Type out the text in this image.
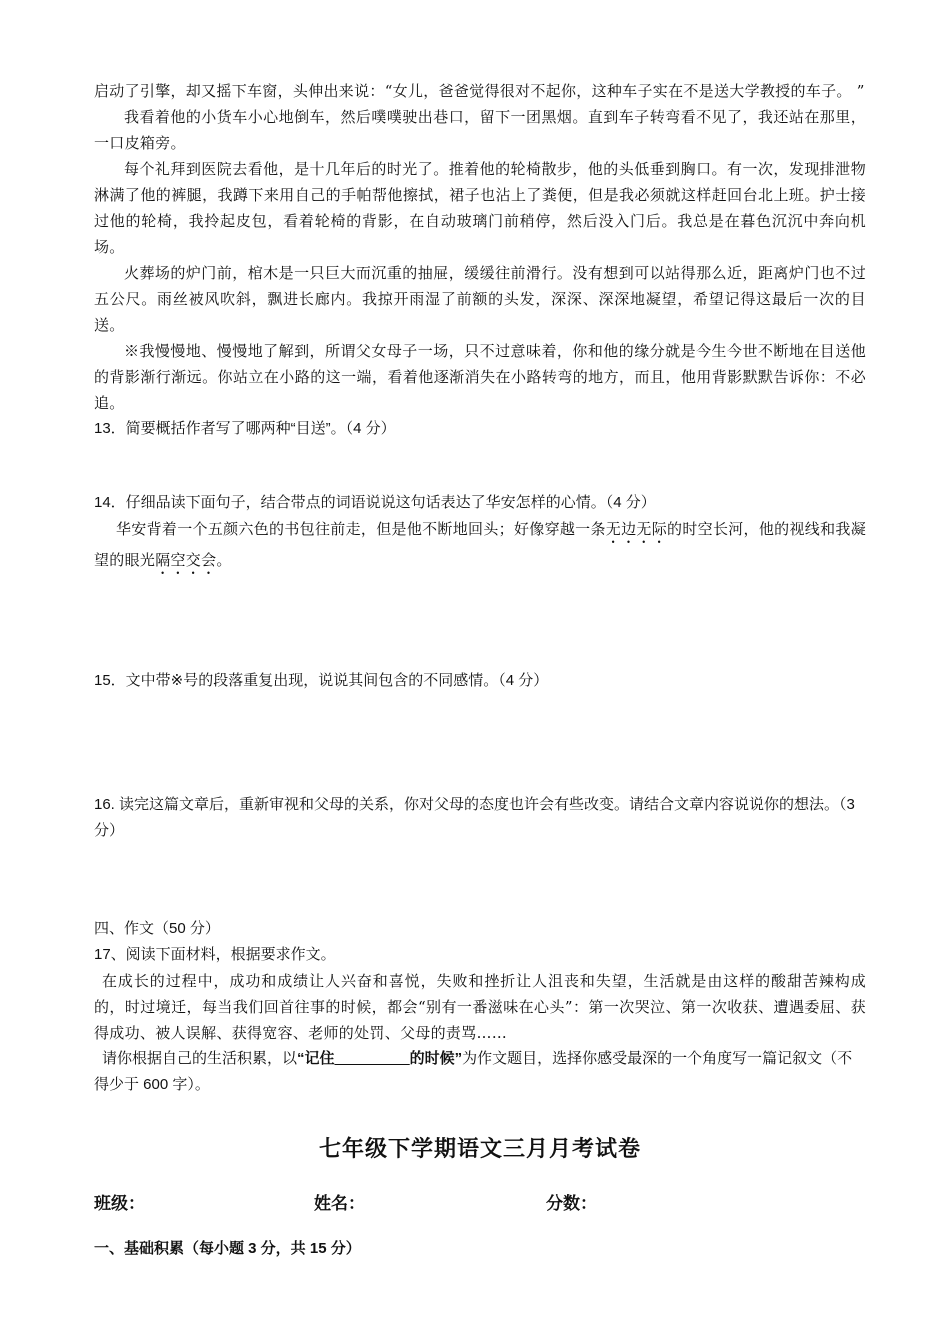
启动了引擎，却又摇下车窗，头伸出来说：“女儿，爸爸觉得很对不起你，这种车子实在不是送大学教授的车子。 ”

我看着他的小货车小心地倒车，然后噗噗驶出巷口，留下一团黑烟。直到车子转弯看不见了，我还站在那里，一口皮箱旁。

每个礼拜到医院去看他，是十几年后的时光了。推着他的轮椅散步，他的头低垂到胸口。有一次，发现排泄物淋满了他的裤腿，我蹲下来用自己的手帕帮他擦拭，裙子也沾上了粪便，但是我必须就这样赶回台北上班。护士接过他的轮椅，我拎起皮包，看着轮椅的背影，在自动玻璃门前稍停，然后没入门后。我总是在暮色沉沉中奔向机场。

火葬场的炉门前，棺木是一只巨大而沉重的抽屉，缓缓往前滑行。没有想到可以站得那么近，距离炉门也不过五公尺。雨丝被风吹斜，飘进长廊内。我掠开雨湿了前额的头发，深深、深深地凝望，希望记得这最后一次的目送。

※我慢慢地、慢慢地了解到，所谓父女母子一场，只不过意味着，你和他的缘分就是今生今世不断地在目送他的背影渐行渐远。你站立在小路的这一端，看着他逐渐消失在小路转弯的地方，而且，他用背影默默告诉你：不必追。

13．简要概括作者写了哪两种“目送”。（4 分）

14．仔细品读下面句子，结合带点的词语说说这句话表达了华安怎样的心情。（4 分）

华安背着一个五颜六色的书包往前走，但是他不断地回头；好像穿越一条无边无际的时空长河，他的视线和我凝望的眼光隔空交会。

15．文中带※号的段落重复出现，说说其间包含的不同感情。（4 分）

16. 读完这篇文章后，重新审视和父母的关系，你对父母的态度也许会有些改变。请结合文章内容说说你的想法。（3 分）

四、作文（50 分）

17、阅读下面材料，根据要求作文。

在成长的过程中，成功和成绩让人兴奋和喜悦，失败和挫折让人沮丧和失望，生活就是由这样的酸甜苦辣构成的，时过境迁，每当我们回首往事的时候，都会“别有一番滋味在心头”：第一次哭泣、第一次收获、遭遇委屈、获得成功、被人误解、获得宽容、老师的处罚、父母的责骂……

请你根据自己的生活积累，以“记住_________的时候”为作文题目，选择你感受最深的一个角度写一篇记叙文（不得少于 600 字）。

七年级下学期语文三月月考试卷
班级：	姓名：	分数：
一、基础积累（每小题 3 分，共 15 分）
